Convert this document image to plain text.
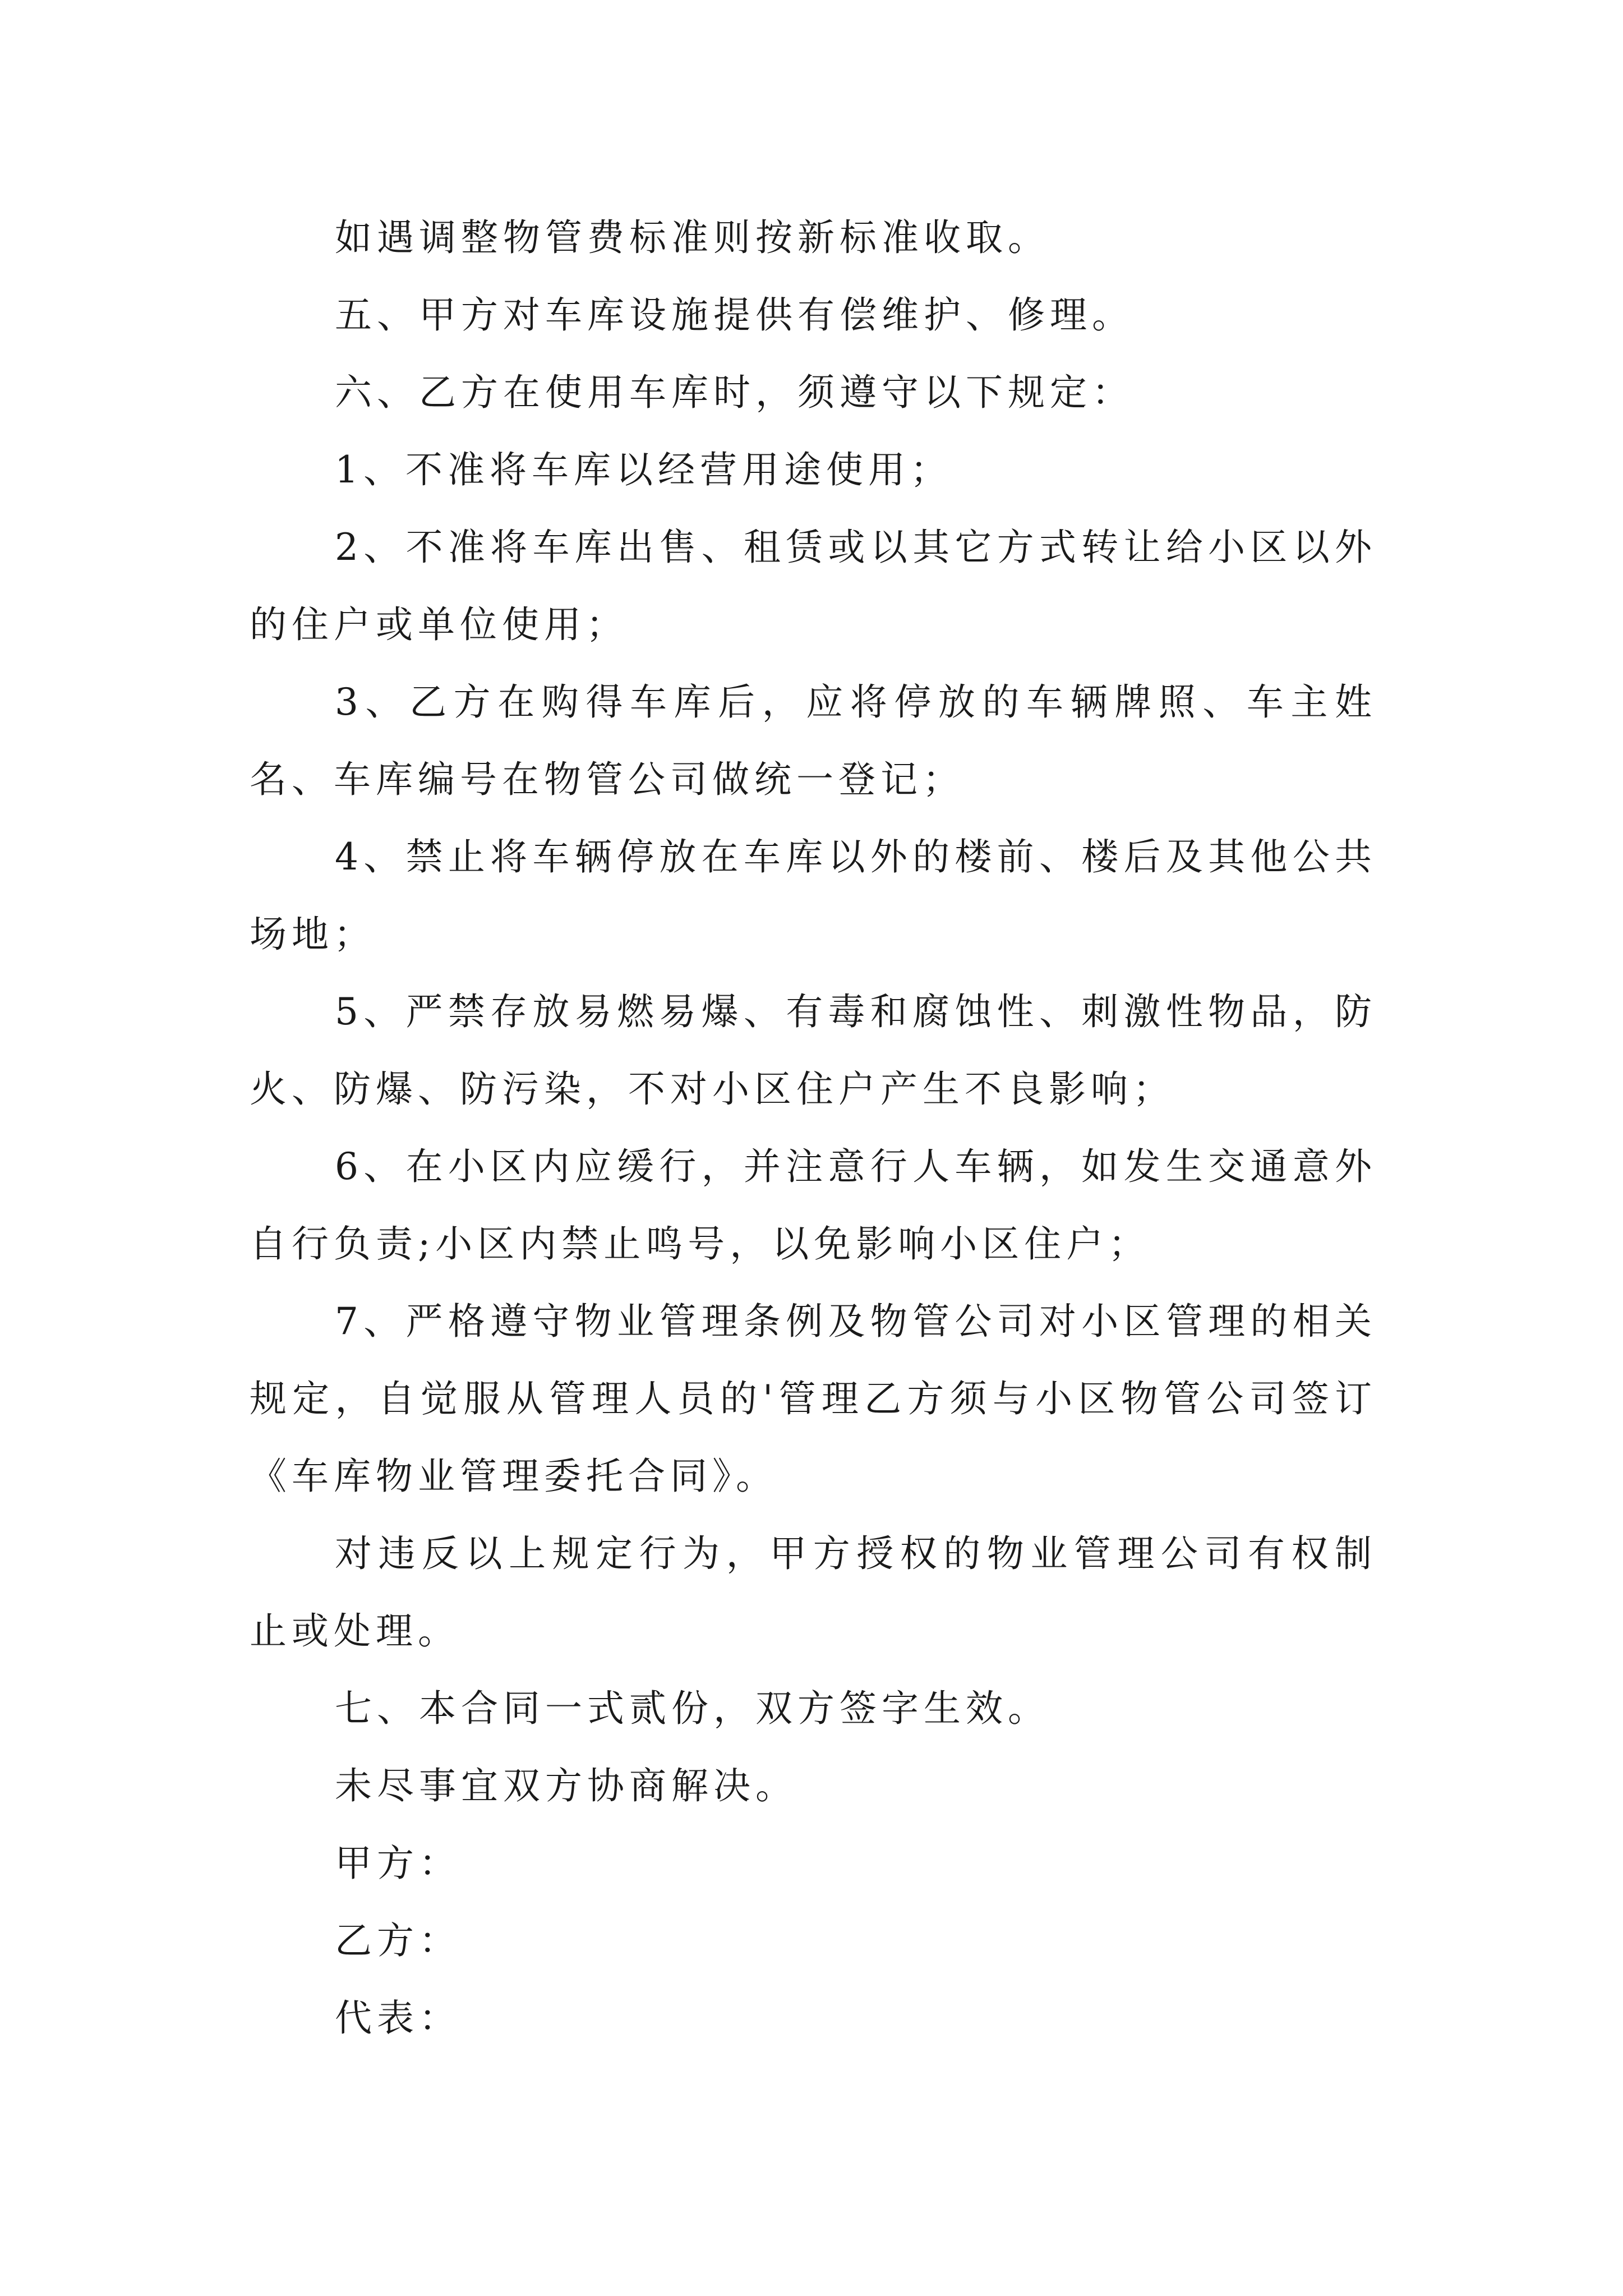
如遇调整物管费标准则按新标准收取。

五、甲方对车库设施提供有偿维护、修理。

六、乙方在使用车库时，须遵守以下规定：

1、不准将车库以经营用途使用；

2、不准将车库出售、租赁或以其它方式转让给小区以外的住户或单位使用；

3、乙方在购得车库后，应将停放的车辆牌照、车主姓名、车库编号在物管公司做统一登记；

4、禁止将车辆停放在车库以外的楼前、楼后及其他公共场地；

5、严禁存放易燃易爆、有毒和腐蚀性、刺激性物品，防火、防爆、防污染，不对小区住户产生不良影响；

6、在小区内应缓行，并注意行人车辆，如发生交通意外自行负责;小区内禁止鸣号，以免影响小区住户；

7、严格遵守物业管理条例及物管公司对小区管理的相关规定，自觉服从管理人员的'管理乙方须与小区物管公司签订《车库物业管理委托合同》。

对违反以上规定行为，甲方授权的物业管理公司有权制止或处理。

七、本合同一式贰份，双方签字生效。

未尽事宜双方协商解决。

甲方：

乙方：

代表：
